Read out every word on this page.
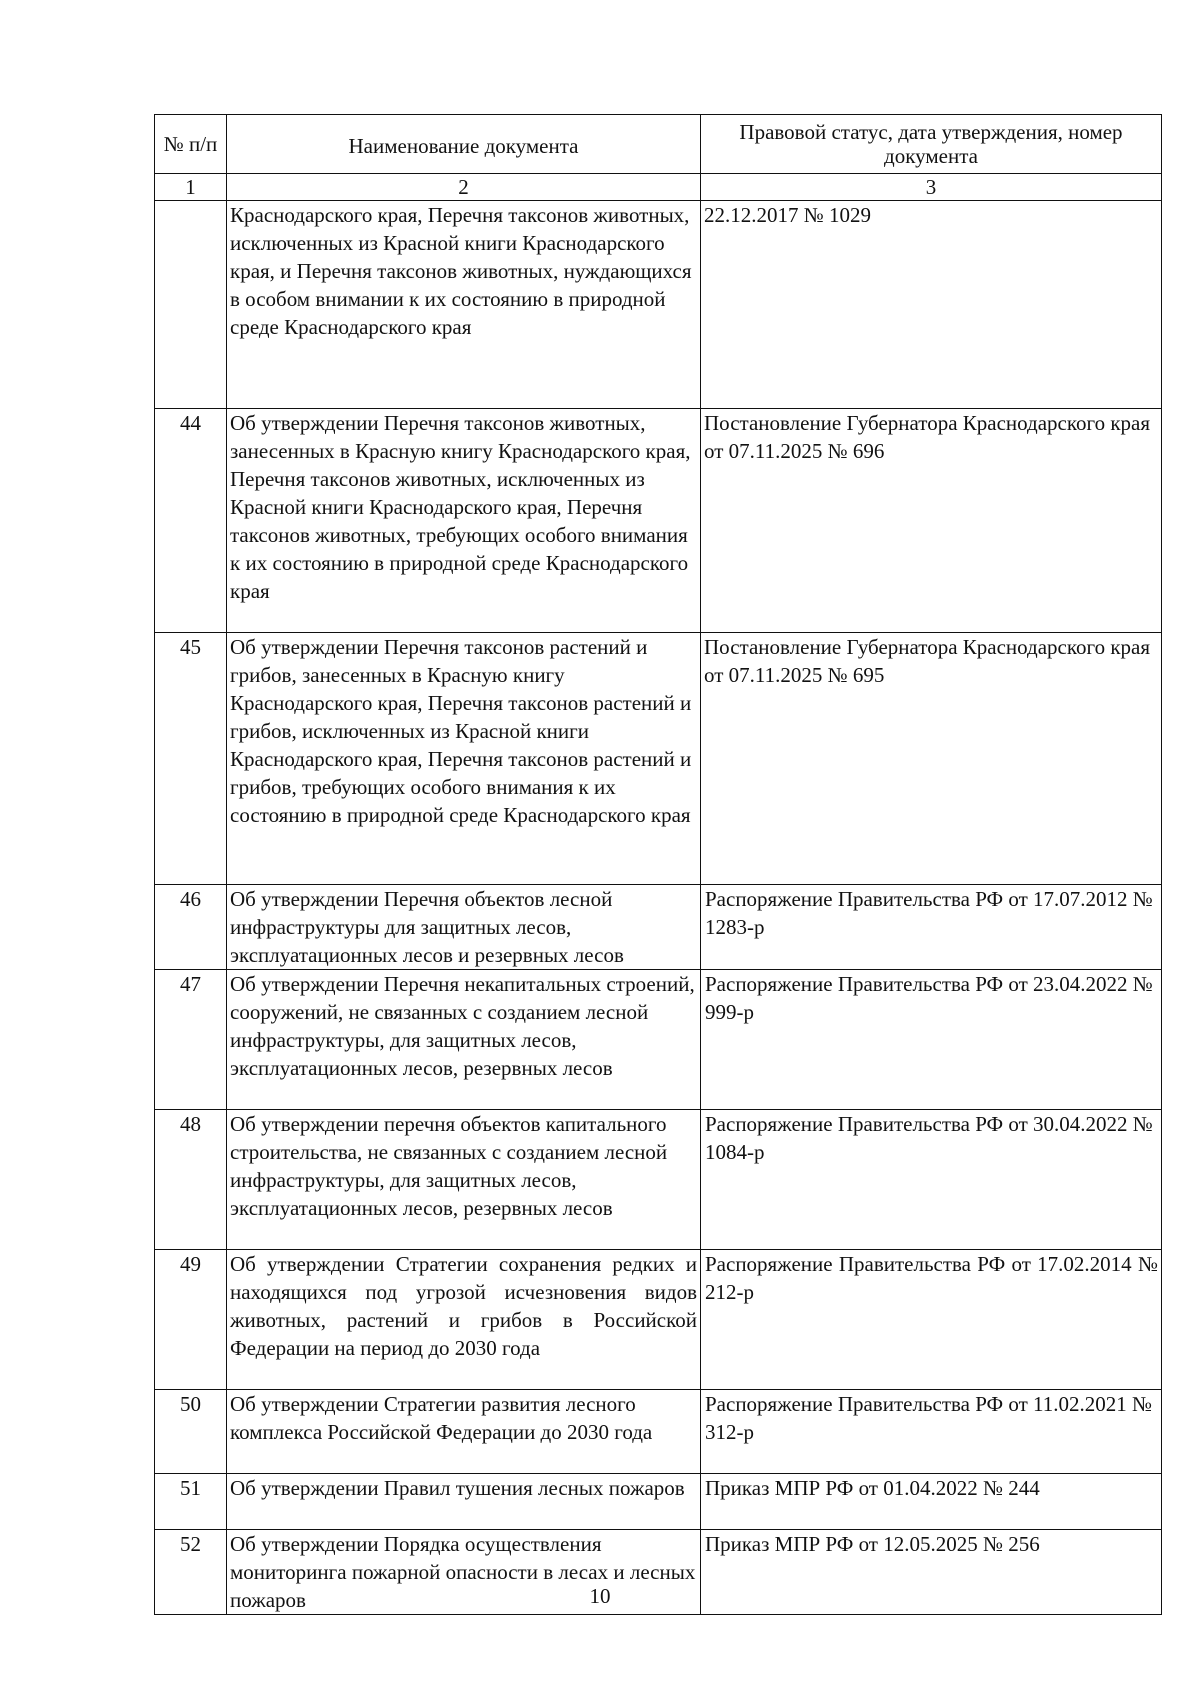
№ п/п	Наименование документа	Правовой статус, дата утверждения, номер документа
1	2	3
	Краснодарского края, Перечня таксонов животных, исключенных из Красной книги Краснодарского края, и Перечня таксонов животных, нуждающихся в особом внимании к их состоянию в природной среде Краснодарского края	22.12.2017 № 1029
44	Об утверждении Перечня таксонов животных, занесенных в Красную книгу Краснодарского края, Перечня таксонов животных, исключенных из Красной книги Краснодарского края, Перечня таксонов животных, требующих особого внимания к их состоянию в природной среде Краснодарского края	Постановление Губернатора Краснодарского края от 07.11.2025 № 696
45	Об утверждении Перечня таксонов растений и грибов, занесенных в Красную книгу Краснодарского края, Перечня таксонов растений и грибов, исключенных из Красной книги Краснодарского края, Перечня таксонов растений и грибов, требующих особого внимания к их состоянию в природной среде Краснодарского края	Постановление Губернатора Краснодарского края от 07.11.2025 № 695
46	Об утверждении Перечня объектов лесной инфраструктуры для защитных лесов, эксплуатационных лесов и резервных лесов	Распоряжение Правительства РФ от 17.07.2012 № 1283-р
47	Об утверждении Перечня некапитальных строений, сооружений, не связанных с созданием лесной инфраструктуры, для защитных лесов, эксплуатационных лесов, резервных лесов	Распоряжение Правительства РФ от 23.04.2022 № 999-р
48	Об утверждении перечня объектов капитального строительства, не связанных с созданием лесной инфраструктуры, для защитных лесов, эксплуатационных лесов, резервных лесов	Распоряжение Правительства РФ от 30.04.2022 № 1084-р
49	Об утверждении Стратегии сохранения редких и находящихся под угрозой исчезновения видов животных, растений и грибов в Российской Федерации на период до 2030 года	Распоряжение Правительства РФ от 17.02.2014 № 212-р
50	Об утверждении Стратегии развития лесного комплекса Российской Федерации до 2030 года	Распоряжение Правительства РФ от 11.02.2021 № 312-р
51	Об утверждении Правил тушения лесных пожаров	Приказ МПР РФ от 01.04.2022 № 244
52	Об утверждении Порядка осуществления мониторинга пожарной опасности в лесах и лесных пожаров	Приказ МПР РФ от 12.05.2025 № 256
10
